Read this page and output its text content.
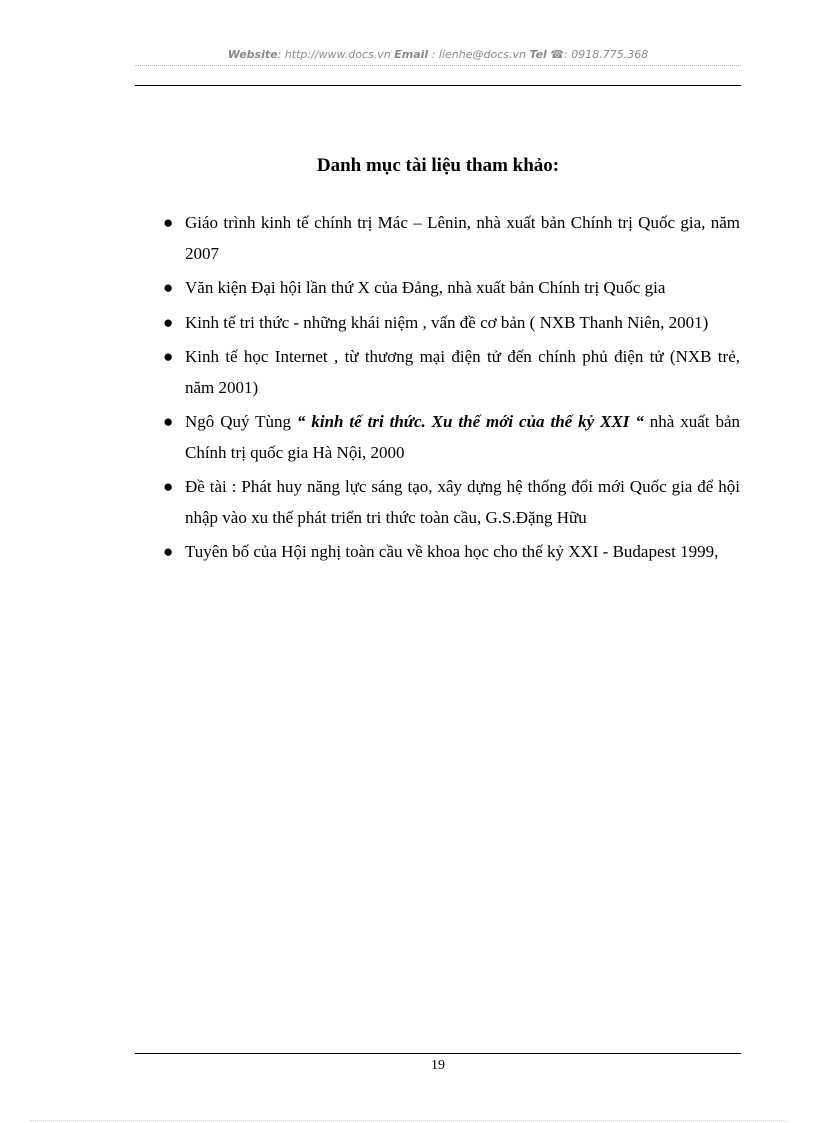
Website: http://www.docs.vn Email : lienhe@docs.vn Tel ☎: 0918.775.368
Danh mục tài liệu tham khảo:
● Giáo trình kinh tế chính trị Mác – Lênin, nhà xuất bản Chính trị Quốc gia, năm 2007
● Văn kiện Đại hội lần thứ X của Đảng, nhà xuất bản Chính trị Quốc gia
● Kinh tế tri thức - những khái niệm , vấn đề cơ bản ( NXB Thanh Niên, 2001)
● Kinh tế học Internet , từ thương mại điện tử đến chính phủ điện tử (NXB trẻ, năm 2001)
● Ngô Quý Tùng “ kinh tế tri thức. Xu thế mới của thế kỷ XXI “ nhà xuất bản Chính trị quốc gia Hà Nội, 2000
● Đề tài : Phát huy năng lực sáng tạo, xây dựng hệ thống đổi mới Quốc gia để hội nhập vào xu thế phát triển tri thức toàn cầu, G.S.Đặng Hữu
● Tuyên bố của Hội nghị toàn cầu về khoa học cho thế kỷ XXI - Budapest 1999,
19
